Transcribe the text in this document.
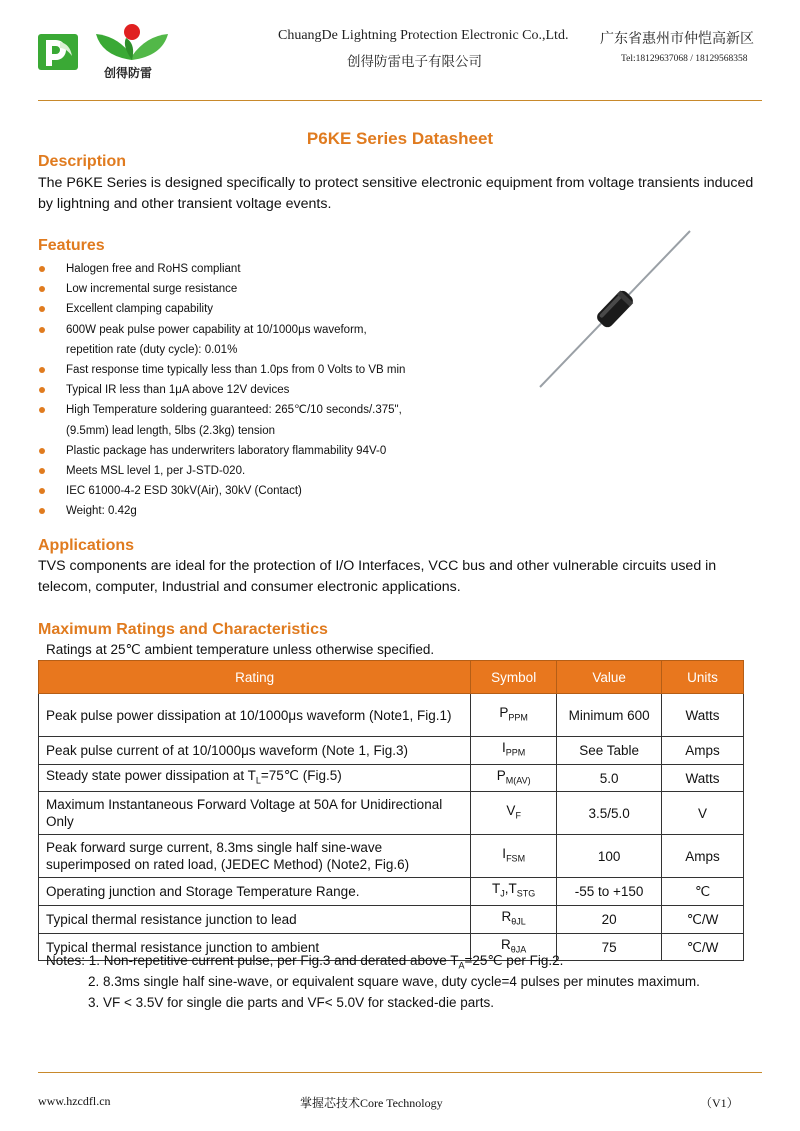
创得防雷
ChuangDe Lightning Protection Electronic Co.,Ltd.
创得防雷电子有限公司
广东省惠州市仲恺高新区
Tel:18129637068 / 18129568358
P6KE Series Datasheet
Description
The P6KE Series is designed specifically to protect sensitive electronic equipment from voltage transients induced by lightning and other transient voltage events.
Features
Halogen free and RoHS compliant
Low incremental surge resistance
Excellent clamping capability
600W peak pulse power capability at 10/1000μs waveform,
repetition rate (duty cycle): 0.01%
Fast response time typically less than 1.0ps from 0 Volts to VB min
Typical IR less than 1μA above 12V devices
High Temperature soldering guaranteed: 265℃/10 seconds/.375",
(9.5mm) lead length, 5lbs (2.3kg) tension
Plastic package has underwriters laboratory flammability 94V-0
Meets MSL level 1, per J-STD-020.
IEC 61000-4-2 ESD 30kV(Air), 30kV (Contact)
Weight: 0.42g
Applications
TVS components are ideal for the protection of I/O Interfaces, VCC bus and other vulnerable circuits used in telecom, computer, Industrial and consumer electronic applications.
Maximum Ratings and Characteristics
Ratings at 25℃ ambient temperature unless otherwise specified.
Rating	Symbol	Value	Units
Peak pulse power dissipation at 10/1000μs waveform (Note1, Fig.1)	$P_{PPM}$	Minimum 600	Watts
Peak pulse current of at 10/1000μs waveform (Note 1, Fig.3)	$I_{PPM}$	See Table	Amps
Steady state power dissipation at $T_L=75℃$ (Fig.5)	$P_{M(AV)}$	5.0	Watts
Maximum Instantaneous Forward Voltage at 50A for Unidirectional Only	$V_F$	3.5/5.0	V
Peak forward surge current, 8.3ms single half sine-wave superimposed on rated load, (JEDEC Method) (Note2, Fig.6)	$I_{FSM}$	100	Amps
Operating junction and Storage Temperature Range.	$T_J,T_{STG}$	-55 to +150	℃
Typical thermal resistance junction to lead	$R_{\theta JL}$	20	℃/W
Typical thermal resistance junction to ambient	$R_{\theta JA}$	75	℃/W
Notes: 1. Non-repetitive current pulse, per Fig.3 and derated above $T_A=25℃$ per Fig.2.
2. 8.3ms single half sine-wave, or equivalent square wave, duty cycle=4 pulses per minutes maximum.
3. VF < 3.5V for single die parts and VF< 5.0V for stacked-die parts.
www.hzcdfl.cn	掌握芯技术Core Technology	（V1）
